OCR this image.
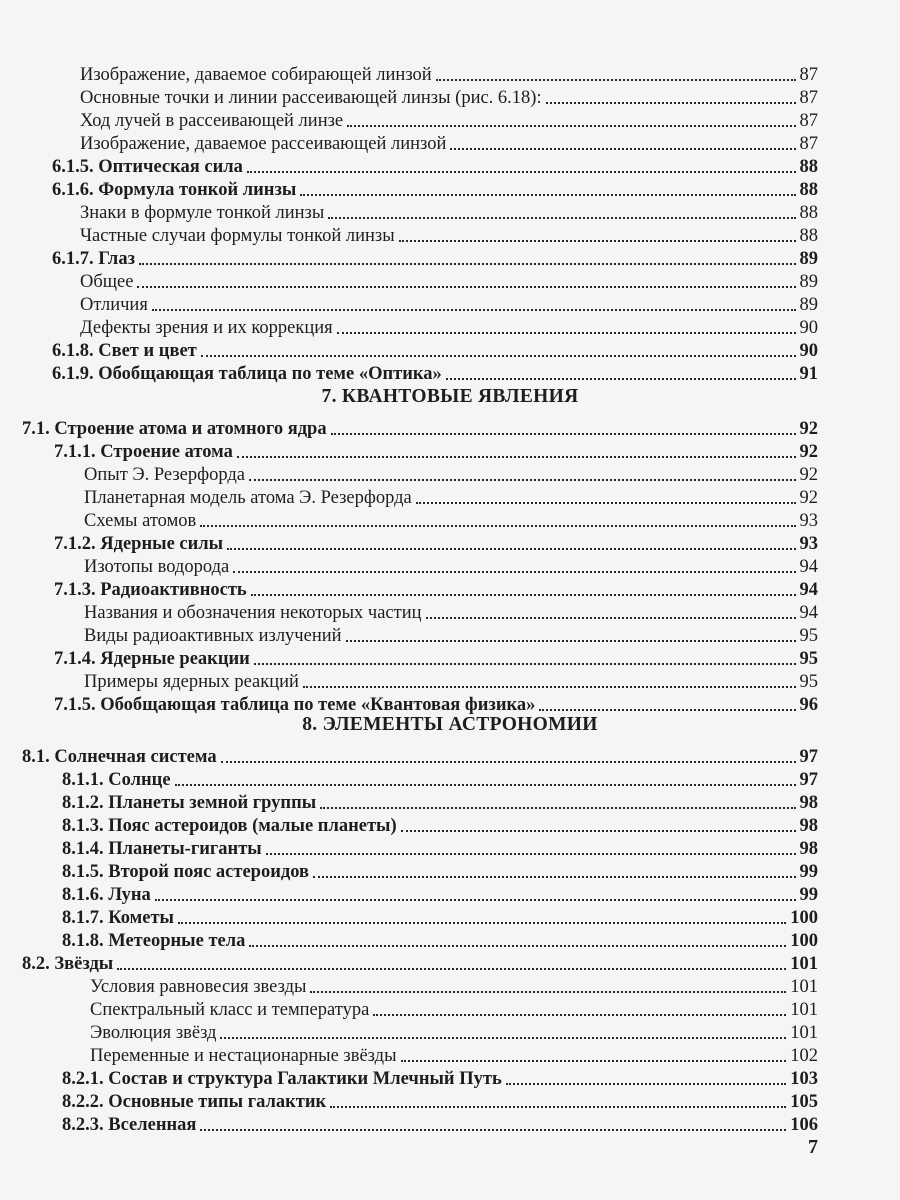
Изображение, даваемое собирающей линзой	87
Основные точки и линии рассеивающей линзы (рис. 6.18):	87
Ход лучей в рассеивающей линзе	87
Изображение, даваемое рассеивающей линзой	87
6.1.5. Оптическая сила	88
6.1.6. Формула тонкой линзы	88
Знаки в формуле тонкой линзы	88
Частные случаи формулы тонкой линзы	88
6.1.7. Глаз	89
Общее	89
Отличия	89
Дефекты зрения и их коррекция	90
6.1.8. Свет и цвет	90
6.1.9. Обобщающая таблица по теме «Оптика»	91
7. КВАНТОВЫЕ ЯВЛЕНИЯ
7.1. Строение атома и атомного ядра	92
7.1.1. Строение атома	92
Опыт Э. Резерфорда	92
Планетарная модель атома Э. Резерфорда	92
Схемы атомов	93
7.1.2. Ядерные силы	93
Изотопы водорода	94
7.1.3. Радиоактивность	94
Названия и обозначения некоторых частиц	94
Виды радиоактивных излучений	95
7.1.4. Ядерные реакции	95
Примеры ядерных реакций	95
7.1.5. Обобщающая таблица по теме «Квантовая физика»	96
8. ЭЛЕМЕНТЫ АСТРОНОМИИ
8.1. Солнечная система	97
8.1.1. Солнце	97
8.1.2. Планеты земной группы	98
8.1.3. Пояс астероидов (малые планеты)	98
8.1.4. Планеты-гиганты	98
8.1.5. Второй пояс астероидов	99
8.1.6. Луна	99
8.1.7. Кометы	100
8.1.8. Метеорные тела	100
8.2. Звёзды	101
Условия равновесия звезды	101
Спектральный класс и температура	101
Эволюция звёзд	101
Переменные и нестационарные звёзды	102
8.2.1. Состав и структура Галактики Млечный Путь	103
8.2.2. Основные типы галактик	105
8.2.3. Вселенная	106
7
